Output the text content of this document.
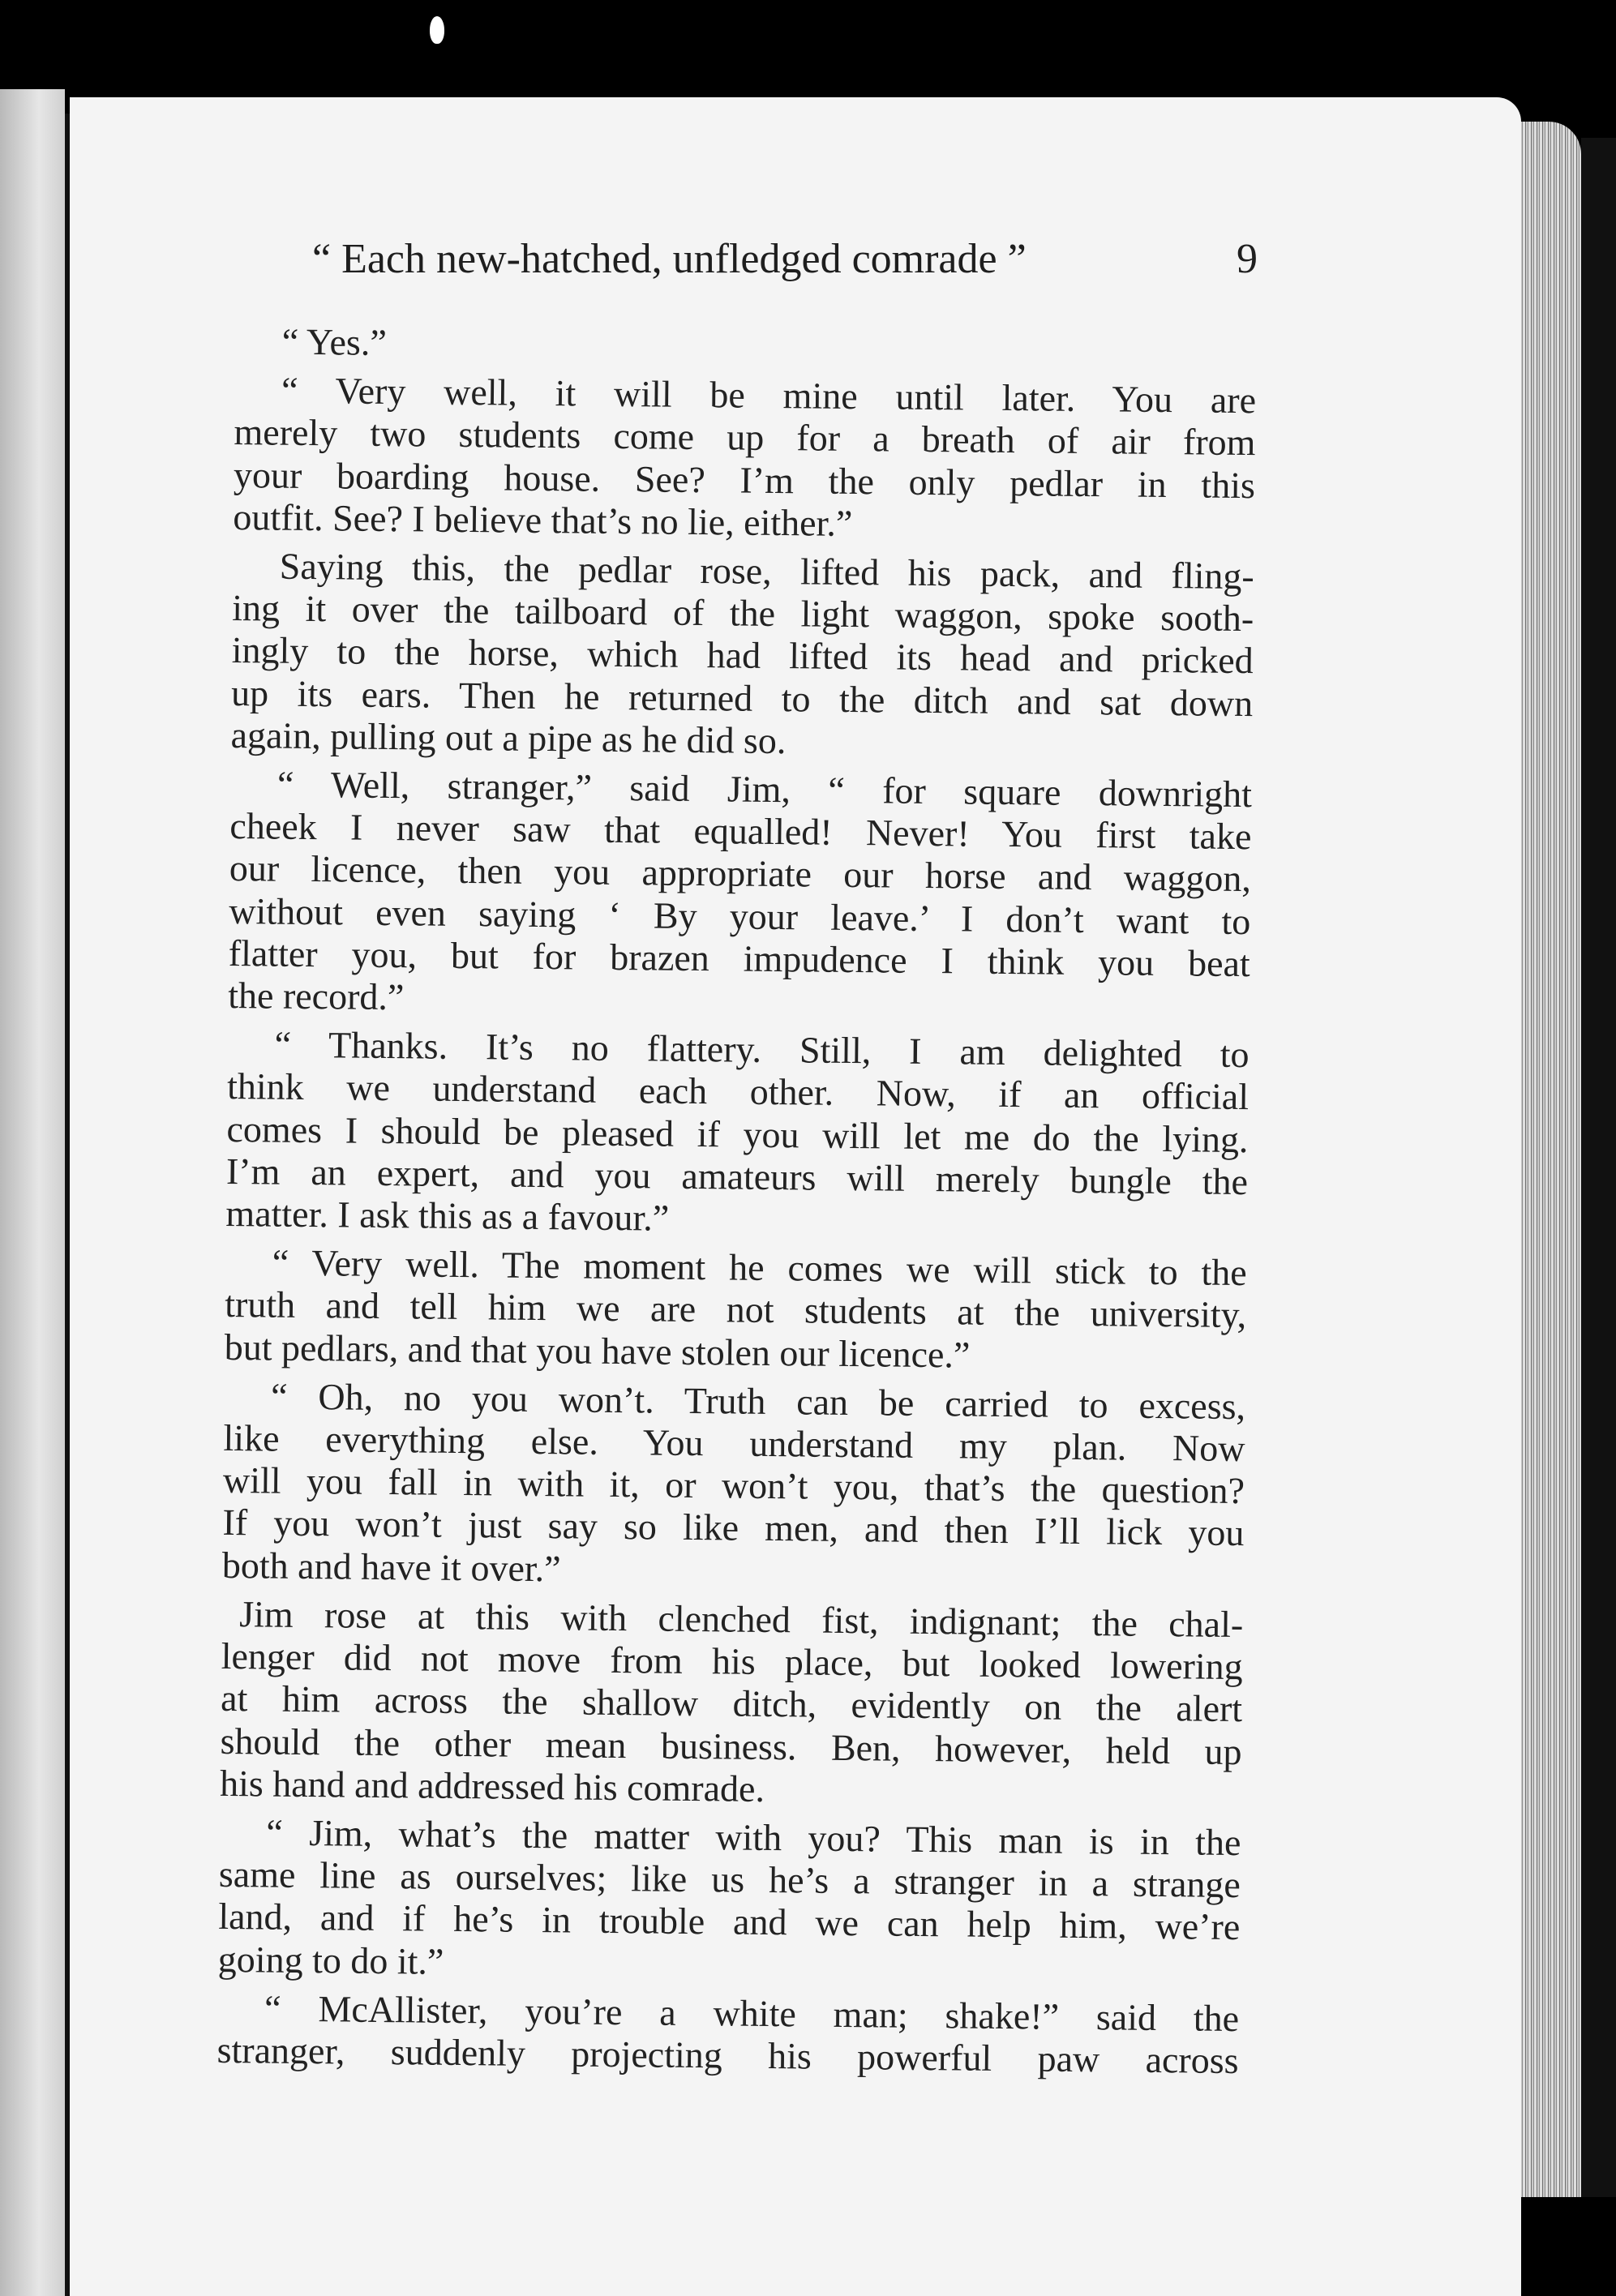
“ Each new-hatched, unfledged comrade ”	9
“ Yes.”
“ Very well, it will be mine until later. You are
merely two students come up for a breath of air from
your boarding house. See? I’m the only pedlar in this
outfit. See? I believe that’s no lie, either.”
Saying this, the pedlar rose, lifted his pack, and fling-
ing it over the tailboard of the light waggon, spoke sooth-
ingly to the horse, which had lifted its head and pricked
up its ears. Then he returned to the ditch and sat down
again, pulling out a pipe as he did so.
“ Well, stranger,” said Jim, “ for square downright
cheek I never saw that equalled! Never! You first take
our licence, then you appropriate our horse and waggon,
without even saying ‘ By your leave.’ I don’t want to
flatter you, but for brazen impudence I think you beat
the record.”
“ Thanks. It’s no flattery. Still, I am delighted to
think we understand each other. Now, if an official
comes I should be pleased if you will let me do the lying.
I’m an expert, and you amateurs will merely bungle the
matter. I ask this as a favour.”
“ Very well. The moment he comes we will stick to the
truth and tell him we are not students at the university,
but pedlars, and that you have stolen our licence.”
“ Oh, no you won’t. Truth can be carried to excess,
like everything else. You understand my plan. Now
will you fall in with it, or won’t you, that’s the question?
If you won’t just say so like men, and then I’ll lick you
both and have it over.”
Jim rose at this with clenched fist, indignant; the chal-
lenger did not move from his place, but looked lowering
at him across the shallow ditch, evidently on the alert
should the other mean business. Ben, however, held up
his hand and addressed his comrade.
“ Jim, what’s the matter with you? This man is in the
same line as ourselves; like us he’s a stranger in a strange
land, and if he’s in trouble and we can help him, we’re
going to do it.”
“ McAllister, you’re a white man; shake!” said the
stranger, suddenly projecting his powerful paw across
